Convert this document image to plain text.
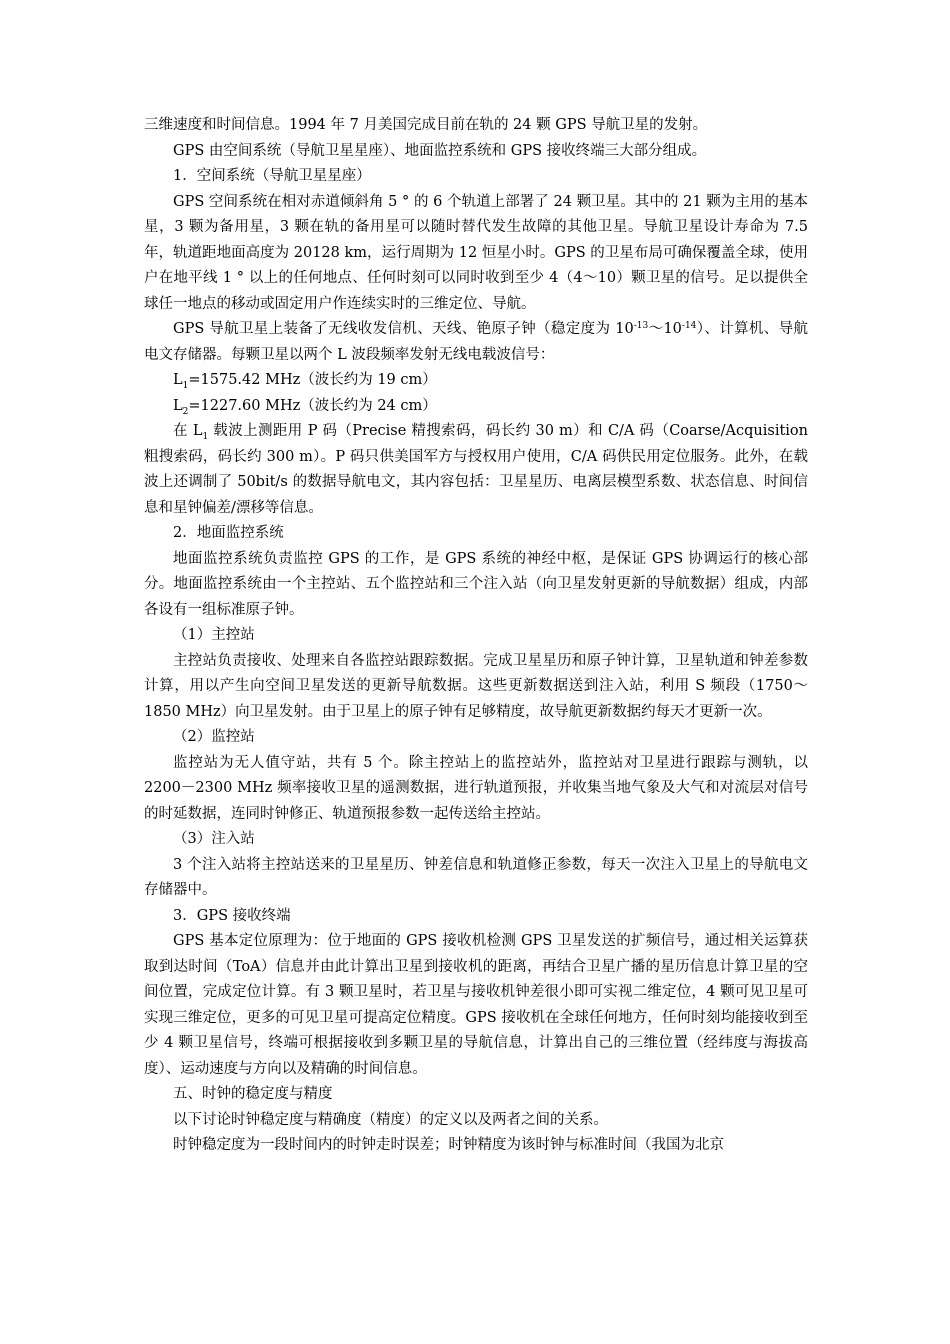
三维速度和时间信息。1994 年 7 月美国完成目前在轨的 24 颗 GPS 导航卫星的发射。

GPS 由空间系统（导航卫星星座）、地面监控系统和 GPS 接收终端三大部分组成。

1．空间系统（导航卫星星座）

GPS 空间系统在相对赤道倾斜角 5 ° 的 6 个轨道上部署了 24 颗卫星。其中的 21 颗为主用的基本星，3 颗为备用星，3 颗在轨的备用星可以随时替代发生故障的其他卫星。导航卫星设计寿命为 7.5 年，轨道距地面高度为 20128 km，运行周期为 12 恒星小时。GPS 的卫星布局可确保覆盖全球，使用户在地平线 1 ° 以上的任何地点、任何时刻可以同时收到至少 4（4～10）颗卫星的信号。足以提供全球任一地点的移动或固定用户作连续实时的三维定位、导航。

GPS 导航卫星上装备了无线收发信机、天线、铯原子钟（稳定度为 $10^{-13}\sim 10^{-14}$）、计算机、导航电文存储器。每颗卫星以两个 L 波段频率发射无线电载波信号：

$L_1=1575.42$ MHz（波长约为 19 cm）

$L_2=1227.60$ MHz（波长约为 24 cm）

在 $L_1$ 载波上测距用 P 码（Precise 精搜索码，码长约 30 m）和 C/A 码（Coarse/Acquisition 粗搜索码，码长约 300 m）。P 码只供美国军方与授权用户使用，C/A 码供民用定位服务。此外，在载波上还调制了 50bit/s 的数据导航电文，其内容包括：卫星星历、电离层模型系数、状态信息、时间信息和星钟偏差/漂移等信息。

2．地面监控系统

地面监控系统负责监控 GPS 的工作，是 GPS 系统的神经中枢，是保证 GPS 协调运行的核心部分。地面监控系统由一个主控站、五个监控站和三个注入站（向卫星发射更新的导航数据）组成，内部各设有一组标准原子钟。

（1）主控站

主控站负责接收、处理来自各监控站跟踪数据。完成卫星星历和原子钟计算，卫星轨道和钟差参数计算，用以产生向空间卫星发送的更新导航数据。这些更新数据送到注入站，利用 S 频段（1750～1850 MHz）向卫星发射。由于卫星上的原子钟有足够精度，故导航更新数据约每天才更新一次。

（2）监控站

监控站为无人值守站，共有 5 个。除主控站上的监控站外，监控站对卫星进行跟踪与测轨，以 2200－2300 MHz 频率接收卫星的遥测数据，进行轨道预报，并收集当地气象及大气和对流层对信号的时延数据，连同时钟修正、轨道预报参数一起传送给主控站。

（3）注入站

3 个注入站将主控站送来的卫星星历、钟差信息和轨道修正参数，每天一次注入卫星上的导航电文存储器中。

3．GPS 接收终端

GPS 基本定位原理为：位于地面的 GPS 接收机检测 GPS 卫星发送的扩频信号，通过相关运算获取到达时间（ToA）信息并由此计算出卫星到接收机的距离，再结合卫星广播的星历信息计算卫星的空间位置，完成定位计算。有 3 颗卫星时，若卫星与接收机钟差很小即可实视二维定位，4 颗可见卫星可实现三维定位，更多的可见卫星可提高定位精度。GPS 接收机在全球任何地方，任何时刻均能接收到至少 4 颗卫星信号，终端可根据接收到多颗卫星的导航信息，计算出自己的三维位置（经纬度与海拔高度）、运动速度与方向以及精确的时间信息。

五、时钟的稳定度与精度

以下讨论时钟稳定度与精确度（精度）的定义以及两者之间的关系。

时钟稳定度为一段时间内的时钟走时误差；时钟精度为该时钟与标准时间（我国为北京
